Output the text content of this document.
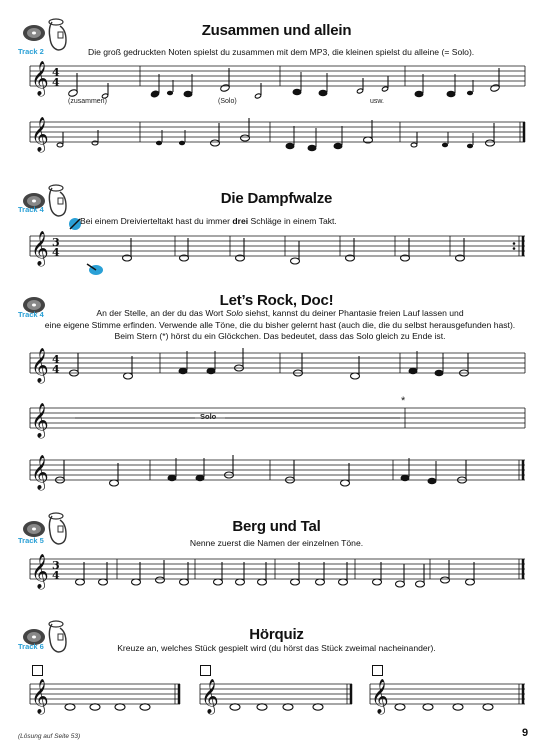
Zusammen und allein
Track 2	Die groß gedruckten Noten spielst du zusammen mit dem MP3, die kleinen spielst du alleine (= Solo).
𝄞
𝄞
𝄞
𝄞
𝄞
𝄞
𝄞
𝄞	𝄞	𝄞
4
4
3
4
4
4
3
4
(zusammen)	(Solo)	usw.
Die Dampfwalze
Track 4
Bei einem Dreivierteltakt hast du immer drei Schläge in einem Takt.
Let’s Rock, Doc!
Track 4	An der Stelle, an der du das Wort Solo siehst, kannst du deiner Phantasie freien Lauf lassen und
eine eigene Stimme erfinden. Verwende alle Töne, die du bisher gelernt hast (auch die, die du selbst herausgefunden hast).
Beim Stern (*) hörst du ein Glöckchen. Das bedeutet, dass das Solo gleich zu Ende ist.
Solo
*
Berg und Tal
Track 5	Nenne zuerst die Namen der einzelnen Töne.
Hörquiz
Track 6	Kreuze an, welches Stück gespielt wird (du hörst das Stück zweimal nacheinander).
(Lösung auf Seite 53)	9
